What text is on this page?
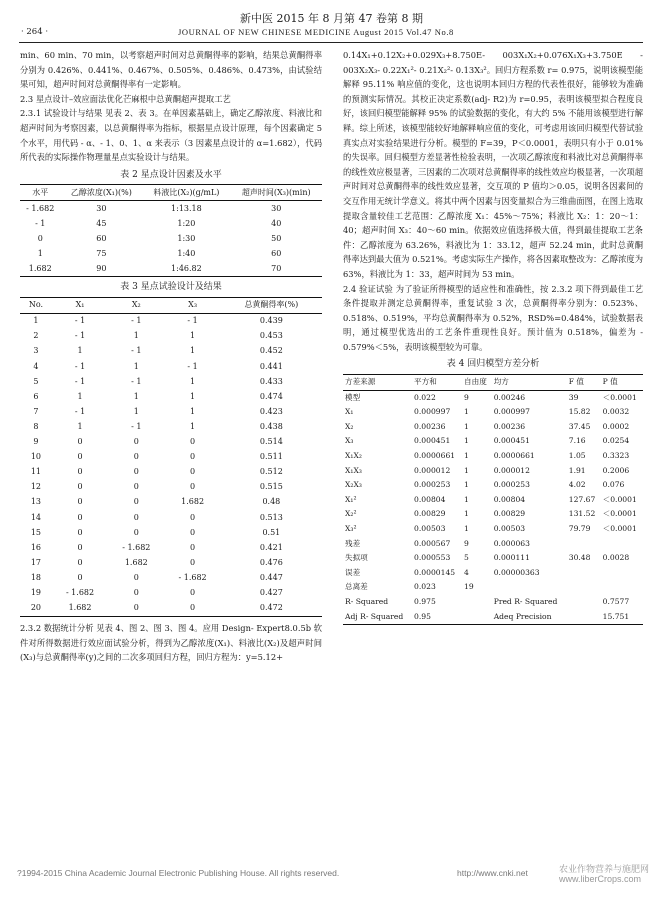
新中医 2015 年 8 月第 47 卷第 8 期
· 264 ·	JOURNAL OF NEW CHINESE MEDICINE August 2015 Vol.47 No.8

min、60 min、70 min，以考察超声时间对总黄酮得率的影响，结果总黄酮得率分别为 0.426%、0.441%、0.467%、0.505%、0.486%、0.473%，由试验结果可知，超声时间对总黄酮得率有一定影响。

2.3 星点设计–效应面法优化芒麻根中总黄酮超声提取工艺

2.3.1 试验设计与结果 见表 2、表 3。在单因素基础上，确定乙醇浓度、料液比和超声时间为考察因素，以总黄酮得率为指标，根据星点设计原理，每个因素确定 5 个水平，用代码 - α、- 1、0、1、α 来表示（3 因素星点设计的 α=1.682），代码所代表的实际操作物理量星点实验设计与结果。

表 2 星点设计因素及水平
水平	乙醇浓度(X₁)(%)	料液比(X₂)(g/mL)	超声时间(X₃)(min)
- 1.682	30	1:13.18	30
- 1	45	1:20	40
0	60	1:30	50
1	75	1:40	60
1.682	90	1:46.82	70
表 3 星点试验设计及结果
No.	X₁	X₂	X₃	总黄酮得率(%)
1	- 1	- 1	- 1	0.439
2	- 1	1	1	0.453
3	1	- 1	1	0.452
4	- 1	1	- 1	0.441
5	- 1	- 1	1	0.433
6	1	1	1	0.474
7	- 1	1	1	0.423
8	1	- 1	1	0.438
9	0	0	0	0.514
10	0	0	0	0.511
11	0	0	0	0.512
12	0	0	0	0.515
13	0	0	1.682	0.48
14	0	0	0	0.513
15	0	0	0	0.51
16	0	- 1.682	0	0.421
17	0	1.682	0	0.476
18	0	0	- 1.682	0.447
19	- 1.682	0	0	0.427
20	1.682	0	0	0.472

2.3.2 数据统计分析 见表 4、图 2、图 3、图 4。应用 Design- Expert8.0.5b 软件对所得数据进行效应面试验分析，得到为乙醇浓度(X₁)、料液比(X₂)及超声时间(X₃)与总黄酮得率(y)之间的二次多项回归方程，回归方程为：y=5.12+

0.14X₁+0.12X₂+0.029X₃+8.750E- 003X₁X₂+0.076X₁X₃+3.750E - 003X₂X₃- 0.22X₁²- 0.21X₂²- 0.13X₃²。回归方程系数 r= 0.975，说明该模型能解释 95.11% 响应值的变化，这也说明本回归方程的代表性很好，能够较为准确的预测实际情况。其校正决定系数(adj- R2)为 r=0.95，表明该模型拟合程度良好，该回归模型能解释 95% 的试验数据的变化，有大约 5% 不能用该模型进行解释。综上所述，该模型能较好地解释响应值的变化，可考虑用该回归模型代替试验真实点对实验结果进行分析。模型的 F=39，P＜0.0001，表明只有小于 0.01% 的失误率。回归模型方差显著性检验表明，一次项乙醇浓度和料液比对总黄酮得率的线性效应极显著，三因素的二次项对总黄酮得率的线性效应均极显著，一次项超声时间对总黄酮得率的线性效应显著，交互项的 P 值均＞0.05，说明各因素间的交互作用无统计学意义。将其中两个因素与因变量拟合为三维曲面图，在图上选取提取含量较佳工艺范围：乙醇浓度 X₁：45%～75%；料液比 X₂：1：20～1：40；超声时间 X₃：40～60 min。依据效应值选择极大值，得到最佳提取工艺条件：乙醇浓度为 63.26%，料液比为 1：33.12，超声 52.24 min，此时总黄酮得率达到最大值为 0.521%。考虑实际生产操作，将各因素取整改为：乙醇浓度为 63%，料液比为 1：33，超声时间为 53 min。

2.4 验证试验 为了验证所得模型的适应性和准确性，按 2.3.2 项下得到最佳工艺条件提取并测定总黄酮得率，重复试验 3 次，总黄酮得率分别为：0.523%、0.518%、0.519%，平均总黄酮得率为 0.52%，RSD%=0.484%，试验数据表明，通过模型优选出的工艺条件重现性良好。预计值为 0.518%，偏差为 - 0.579%＜5%，表明该模型较为可靠。

表 4 回归模型方差分析
方差来源	平方和	自由度	均方	F 值	P 值
模型	0.022	9	0.00246	39	＜0.0001
X₁	0.000997	1	0.000997	15.82	0.0032
X₂	0.00236	1	0.00236	37.45	0.0002
X₃	0.000451	1	0.000451	7.16	0.0254
X₁X₂	0.0000661	1	0.0000661	1.05	0.3323
X₁X₃	0.000012	1	0.000012	1.91	0.2006
X₂X₃	0.000253	1	0.000253	4.02	0.076
X₁²	0.00804	1	0.00804	127.67	＜0.0001
X₂²	0.00829	1	0.00829	131.52	＜0.0001
X₃²	0.00503	1	0.00503	79.79	＜0.0001
残差	0.000567	9	0.000063		
失拟项	0.000553	5	0.000111	30.48	0.0028
误差	0.0000145	4	0.00000363		
总离差	0.023	19			
R- Squared	0.975		Pred R- Squared		0.7577
Adj R- Squared	0.95		Adeq Precision		15.751
?1994-2015 China Academic Journal Electronic Publishing House. All rights reserved.	http://www.cnki.net	农业作物营养与施肥网 www.liberCrops.com
